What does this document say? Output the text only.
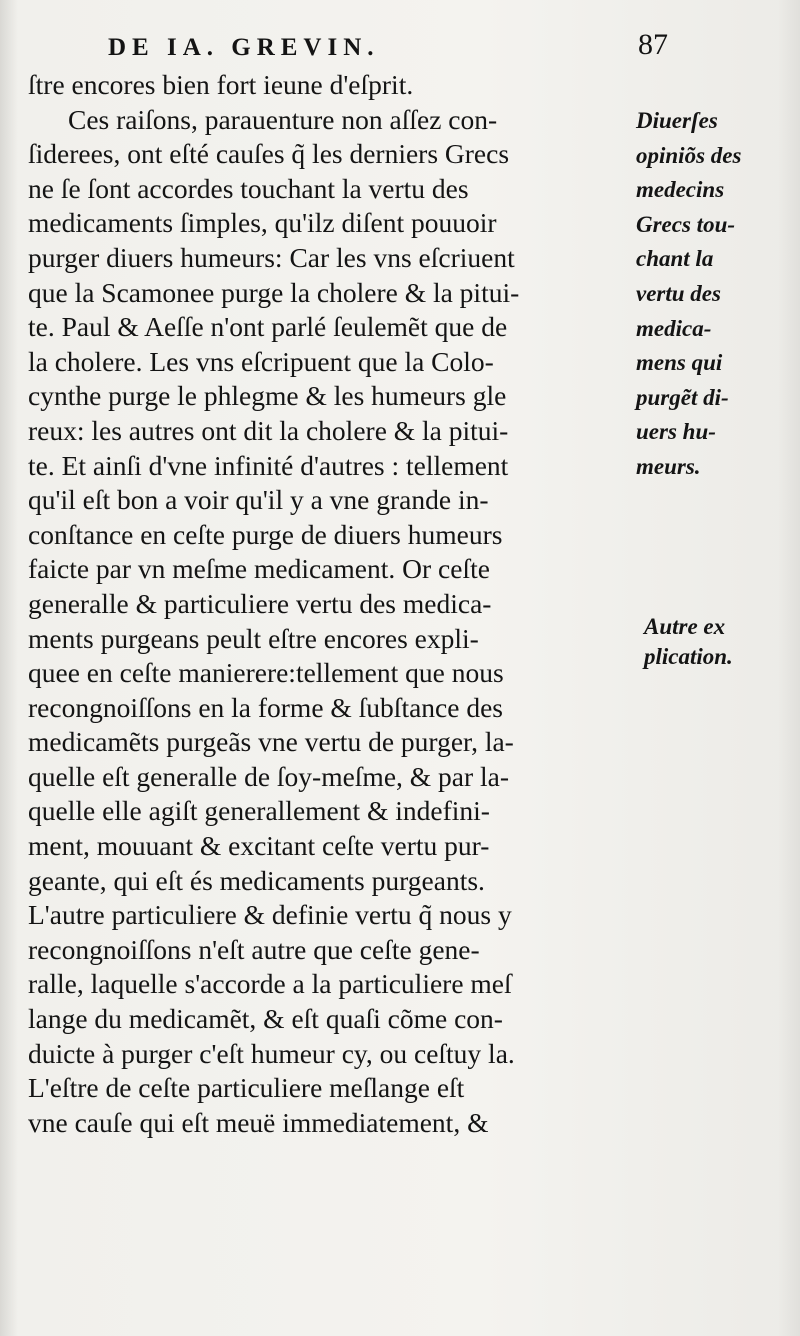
DE IA. GREVIN.	87
ſtre encores bien fort ieune d'eſprit.
Ces raiſons, parauenture non aſſez con-
ſiderees, ont eſté cauſes q̃ les derniers Grecs
ne ſe ſont accordes touchant la vertu des
medicaments ſimples, qu'ilz diſent pouuoir
purger diuers humeurs: Car les vns eſcriuent
que la Scamonee purge la cholere & la pitui-
te. Paul & Aeſſe n'ont parlé ſeulemẽt que de
la cholere. Les vns eſcripuent que la Colo-
cynthe purge le phlegme & les humeurs gle
reux: les autres ont dit la cholere & la pitui-
te. Et ainſi d'vne infinité d'autres : tellement
qu'il eſt bon a voir qu'il y a vne grande in-
conſtance en ceſte purge de diuers humeurs
faicte par vn meſme medicament. Or ceſte
generalle & particuliere vertu des medica-
ments purgeans peult eſtre encores expli-
quee en ceſte manierere:tellement que nous
recongnoiſſons en la forme & ſubſtance des
medicamẽts purgeãs vne vertu de purger, la-
quelle eſt generalle de ſoy-meſme, & par la-
quelle elle agiſt generallement & indefini-
ment, mouuant & excitant ceſte vertu pur-
geante, qui eſt és medicaments purgeants.
L'autre particuliere & definie vertu q̃ nous y
recongnoiſſons n'eſt autre que ceſte gene-
ralle, laquelle s'accorde a la particuliere meſ
lange du medicamẽt, & eſt quaſi cõme con-
duicte à purger c'eſt humeur cy, ou ceſtuy la.
L'eſtre de ceſte particuliere meſlange eſt
vne cauſe qui eſt meuë immediatement, &
Diuerſes
opiniõs des
medecins
Grecs tou-
chant la
vertu des
medica-
mens qui
purgẽt di-
uers hu-
meurs.
Autre ex
plication.
